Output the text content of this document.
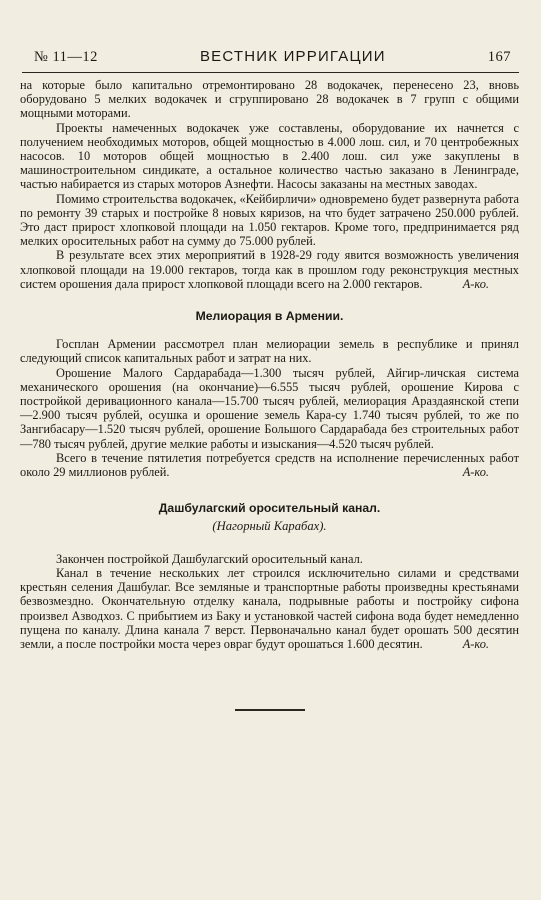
№ 11—12	ВЕСТНИК ИРРИГАЦИИ	167

на которые было капитально отремонтировано 28 водокачек, перенесено 23, вновь оборудовано 5 мелких водокачек и сгруппировано 28 водокачек в 7 групп с общими мощными моторами.

Проекты намеченных водокачек уже составлены, оборудование их начнется с получением необходимых моторов, общей мощностью в 4.000 лош. сил, и 70 центробежных насосов. 10 моторов общей мощностью в 2.400 лош. сил уже закуплены в машиностроительном синдикате, а остальное количество частью заказано в Ленинграде, частью набирается из старых моторов Азнефти. Насосы заказаны на местных заводах.

Помимо строительства водокачек, «Кейбирличи» одновремено будет развернута работа по ремонту 39 старых и постройке 8 новых кяризов, на что будет затрачено 250.000 рублей. Это даст прирост хлопковой площади на 1.050 гектаров. Кроме того, предпринимается ряд мелких оросительных работ на сумму до 75.000 рублей.

В результате всех этих мероприятий в 1928-29 году явится возможность увеличения хлопковой площади на 19.000 гектаров, тогда как в прошлом году реконструкция местных систем орошения дала прирост хлопковой площади всего на 2.000 гектаров.	А-ко.

Мелиорация в Армении.

Госплан Армении рассмотрел план мелиорации земель в республике и принял следующий список капитальных работ и затрат на них.

Орошение Малого Сардарабада—1.300 тысяч рублей, Айгир-личская система механического орошения (на окончание)—6.555 тысяч рублей, орошение Кирова с постройкой деривационного канала—15.700 тысяч рублей, мелиорация Араздаянской степи—2.900 тысяч рублей, осушка и орошение земель Кара-су 1.740 тысяч рублей, то же по Зангибасару—1.520 тысяч рублей, орошение Большого Сардарабада без строительных работ—780 тысяч рублей, другие мелкие работы и изыскания—4.520 тысяч рублей.

Всего в течение пятилетия потребуется средств на исполнение перечисленных работ около 29 миллионов рублей.	А-ко.

Дашбулагский оросительный канал.
(Нагорный Карабах).

Закончен постройкой Дашбулагский оросительный канал.

Канал в течение нескольких лет строился исключительно силами и средствами крестьян селения Дашбулаг. Все земляные и транспортные работы произведны крестьянами безвозмездно. Окончательную отделку канала, подрывные работы и постройку сифона произвел Азводхоз. С прибытием из Баку и установкой частей сифона вода будет немедленно пущена по каналу. Длина канала 7 верст. Первоначально канал будет орошать 500 десятин земли, а после постройки моста через овраг будут орошаться 1.600 десятин.	А-ко.
